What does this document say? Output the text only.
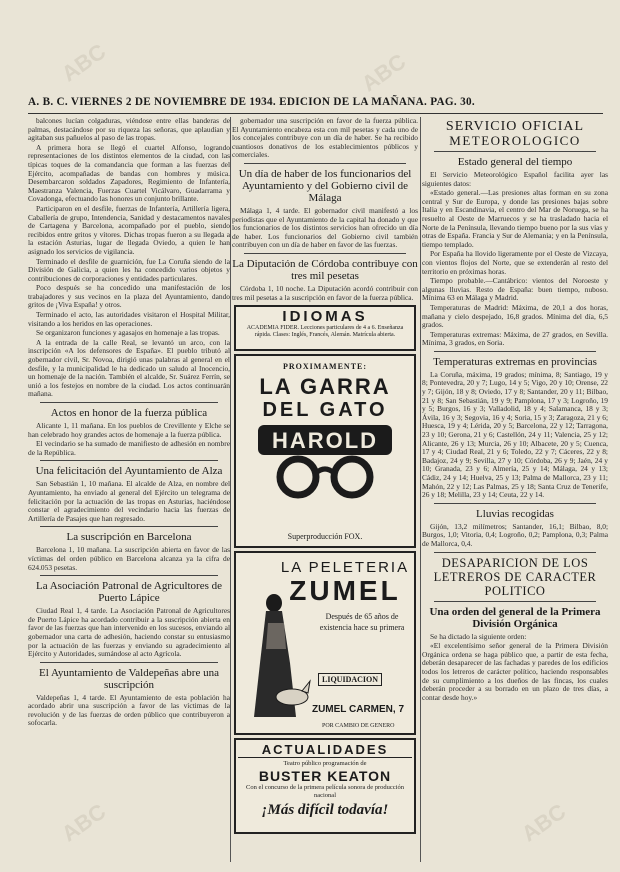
A. B. C. VIERNES 2 DE NOVIEMBRE DE 1934. EDICION DE LA MAÑANA. PAG. 30.

balcones lucían colgaduras, viéndose entre ellas banderas de palmas, destacándose por su riqueza las señoras, que aplaudían y agitaban sus pañuelos al paso de las tropas.

A primera hora se llegó el cuartel Alfonso, logrando representaciones de los distintos elementos de la ciudad, con las típicas toques de la comandancia que forman a las fuerzas del Ejército, acompañadas de bandas con hombres y música. Desembarcaron soldados Zapadores, Regimiento de Infantería, Maestranza Valencia, Fuerzas Cuartel Vicálvaro, Guadarrama y Covadonga, efectuando las honores un conjunto brillante.

Participaron en el desfile, fuerzas de Infantería, Artillería ligera, Caballería de grupo, Intendencia, Sanidad y destacamentos navales de Cartagena y Barcelona, acompañado por el pueblo, siendo recibidos entre gritos y vítores. Dichas tropas fueron a su llegada a la estación Asturias, lugar de llegada Oviedo, a quien le han asignado los servicios de vigilancia.

Terminado el desfile de guarnición, fue La Coruña siendo de la División de Galicia, a quien les ha concedido varios objetos y contribuciones de corporaciones y entidades particulares.

Poco después se ha concedido una manifestación de los trabajadores y sus vecinos en la plaza del Ayuntamiento, dando gritos de ¡Viva España! y otros.

Terminado el acto, las autoridades visitaron el Hospital Militar, visitando a los heridos en las operaciones.

Se organizaron funciones y agasajos en homenaje a las tropas.

A la entrada de la calle Real, se levantó un arco, con la inscripción «A los defensores de España». El pueblo tributó al gobernador civil, Sr. Novoa, dirigió unas palabras al general en el desfile, y la municipalidad le ha dedicado un saludo al Inocencio, un homenaje de la nación. También el alcalde, Sr. Suárez Ferrín, se unió a los festejos en nombre de la ciudad. Los actos continuarán mañana.

Actos en honor de la fuerza pública

Alicante 1, 11 mañana. En los pueblos de Crevillente y Elche se han celebrado hoy grandes actos de homenaje a la fuerza pública.

El vecindario se ha sumado de manifiesto de adhesión en nombre de la República.

Una felicitación del Ayuntamiento de Alza

San Sebastián 1, 10 mañana. El alcalde de Alza, en nombre del Ayuntamiento, ha enviado al general del Ejército un telegrama de felicitación por la actuación de las tropas en Asturias, haciéndose constar el agradecimiento del vecindario hacia las fuerzas de Artillería de Pasajes que han regresado.

La suscripción en Barcelona

Barcelona 1, 10 mañana. La suscripción abierta en favor de las víctimas del orden público en Barcelona alcanza ya la cifra de 624.053 pesetas.

La Asociación Patronal de Agricultores de Puerto Lápice

Ciudad Real 1, 4 tarde. La Asociación Patronal de Agricultores de Puerto Lápice ha acordado contribuir a la suscripción abierta en favor de las fuerzas que han intervenido en los sucesos, enviando al gobernador una carta de adhesión, haciendo constar su entusiasmo por la actuación de las fuerzas y enviando su agradecimiento al Ejército y Autoridades, sumándose al acto Agrícola.

El Ayuntamiento de Valdepeñas abre una suscripción

Valdepeñas 1, 4 tarde. El Ayuntamiento de esta población ha acordado abrir una suscripción a favor de las víctimas de la revolución y de las fuerzas de orden público que contribuyeron a sofocarla.

gobernador una suscripción en favor de la fuerza pública. El Ayuntamiento encabeza esta con mil pesetas y cada uno de los concejales contribuye con un día de haber. Se ha recibido cuantiosos donativos de los establecimientos públicos y comerciales.

Un día de haber de los funcionarios del Ayuntamiento y del Gobierno civil de Málaga

Málaga 1, 4 tarde. El gobernador civil manifestó a los periodistas que el Ayuntamiento de la capital ha donado y que los funcionarios de los distintos servicios han ofrecido un día de haber. Los funcionarios del Gobierno civil también contribuyen con un día de haber en favor de las fuerzas.

La Diputación de Córdoba contribuye con tres mil pesetas

Córdoba 1, 10 noche. La Diputación acordó contribuir con tres mil pesetas a la suscripción en favor de la fuerza pública.

IDIOMAS
ACADEMIA FIDER. Lecciones particulares de 4 a 6. Enseñanza rápida. Clases: Inglés, Francés, Alemán. Matrícula abierta.
PROXIMAMENTE:
LA GARRA
DEL GATO
HAROLD
Superproducción FOX.
LA PELETERIA
ZUMEL
Después de 65 años de existencia hace su primera
LIQUIDACION
ZUMEL CARMEN, 7
POR CAMBIO DE GENERO
ACTUALIDADES
Teatro público programación de
BUSTER KEATON
Con el concurso de la primera película sonora de producción nacional
¡Más difícil todavía!
SERVICIO OFICIAL
METEOROLOGICO
Estado general del tiempo

El Servicio Meteorológico Español facilita ayer las siguientes datos:

«Estado general.—Las presiones altas forman en su zona central y Sur de Europa, y donde las presiones bajas sobre Italia y en Escandinavia, el centro del Mar de Noruega, se ha resuelto al Oeste de Marruecos y se ha trasladado hacia el Norte de la Península, llevando tiempo bueno por la sus vías y otras de España. Francia y Sur de Alemania; y en la Península, tiempo templado.

Por España ha llovido ligeramente por el Oeste de Vizcaya, con vientos flojos del Norte, que se extenderán al resto del territorio en próximas horas.

Tiempo probable.—Cantábrico: vientos del Noroeste y algunas lluvias. Resto de España: buen tiempo, nuboso. Mínima 63 en Málaga y Madrid.

Temperaturas de Madrid: Máxima, de 20,1 a dos horas, mañana y cielo despejado, 16,8 grados. Mínima del día, 6,5 grados.

Temperaturas extremas: Máxima, de 27 grados, en Sevilla. Mínima, 3 grados, en Soria.

Temperaturas extremas en provincias

La Coruña, máxima, 19 grados; mínima, 8; Santiago, 19 y 8; Pontevedra, 20 y 7; Lugo, 14 y 5; Vigo, 20 y 10; Orense, 22 y 7; Gijón, 18 y 8; Oviedo, 17 y 8; Santander, 20 y 11; Bilbao, 21 y 8; San Sebastián, 19 y 9; Pamplona, 17 y 3; Logroño, 19 y 5; Burgos, 16 y 3; Valladolid, 18 y 4; Salamanca, 18 y 3; Ávila, 16 y 3; Segovia, 16 y 4; Soria, 15 y 3; Zaragoza, 21 y 6; Huesca, 19 y 4; Lérida, 20 y 5; Barcelona, 22 y 12; Tarragona, 23 y 10; Gerona, 21 y 6; Castellón, 24 y 11; Valencia, 25 y 12; Alicante, 26 y 13; Murcia, 26 y 10; Albacete, 20 y 5; Cuenca, 17 y 4; Ciudad Real, 21 y 6; Toledo, 22 y 7; Cáceres, 22 y 8; Badajoz, 24 y 9; Sevilla, 27 y 10; Córdoba, 26 y 9; Jaén, 24 y 10; Granada, 23 y 6; Almería, 25 y 14; Málaga, 24 y 13; Cádiz, 24 y 14; Huelva, 25 y 13; Palma de Mallorca, 23 y 11; Mahón, 22 y 12; Las Palmas, 25 y 18; Santa Cruz de Tenerife, 26 y 18; Melilla, 23 y 14; Ceuta, 22 y 14.

Lluvias recogidas

Gijón, 13,2 milímetros; Santander, 16,1; Bilbao, 8,0; Burgos, 1,0; Vitoria, 0,4; Logroño, 0,2; Pamplona, 0,3; Palma de Mallorca, 0,4.

DESAPARICION DE LOS LETREROS DE CARACTER POLITICO
Una orden del general de la Primera División Orgánica

Se ha dictado la siguiente orden:

«El excelentísimo señor general de la Primera División Orgánica ordena se haga público que, a partir de esta fecha, deberán desaparecer de las fachadas y paredes de los edificios todos los letreros de carácter político, haciendo responsables de su cumplimiento a los dueños de las fincas, los cuales deberán proceder a su borrado en un plazo de tres días, a contar desde hoy.»

ABC	ABC
ABC	ABC
